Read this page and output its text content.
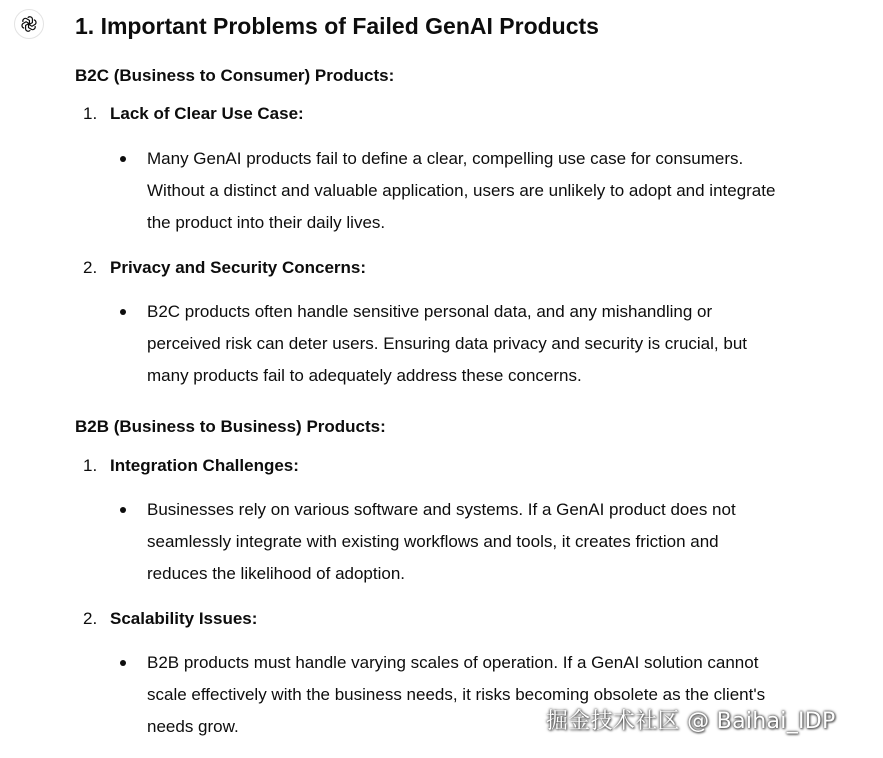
1. Important Problems of Failed GenAI Products
B2C (Business to Consumer) Products:
1. Lack of Clear Use Case:
Many GenAI products fail to define a clear, compelling use case for consumers.
Without a distinct and valuable application, users are unlikely to adopt and integrate
the product into their daily lives.
2. Privacy and Security Concerns:
B2C products often handle sensitive personal data, and any mishandling or
perceived risk can deter users. Ensuring data privacy and security is crucial, but
many products fail to adequately address these concerns.
B2B (Business to Business) Products:
1. Integration Challenges:
Businesses rely on various software and systems. If a GenAI product does not
seamlessly integrate with existing workflows and tools, it creates friction and
reduces the likelihood of adoption.
2. Scalability Issues:
B2B products must handle varying scales of operation. If a GenAI solution cannot
scale effectively with the business needs, it risks becoming obsolete as the client's
needs grow.	掘金技术社区 @ Baihai_IDP
